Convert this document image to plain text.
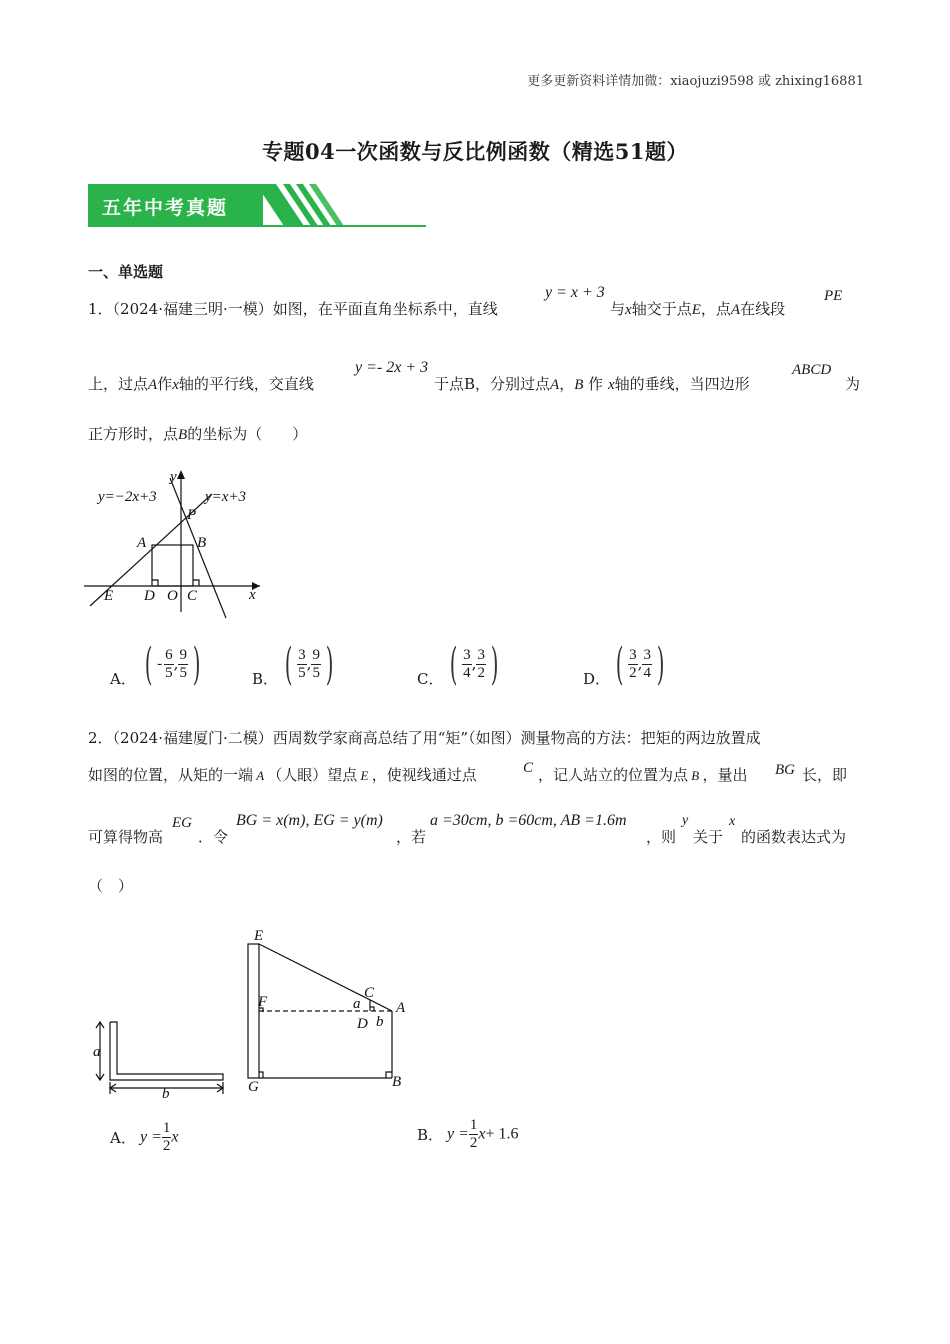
更多更新资料详情加微：xiaojuzi9598 或 zhixing16881
专题04一次函数与反比例函数（精选51题）
五年中考真题
一、单选题
1．（2024·福建三明·一模）如图，在平面直角坐标系中，直线
y = x + 3
与x轴交于点E，点A在线段
PE
上，过点A作x轴的平行线，交直线
y =- 2x + 3
于点B，分别过点A，B 作 x轴的垂线，当四边形
ABCD
为
正方形时，点B的坐标为（　　）
y
x
y=−2x+3	y=x+3
P
A	B
E D O C
A． ( - $\frac{6}{5}$ , $\frac{9}{5}$ )	B． ( $\frac{3}{5}$ , $\frac{9}{5}$ )	C． ( $\frac{3}{4}$ , $\frac{3}{2}$ )	D． ( $\frac{3}{2}$ , $\frac{3}{4}$ )
2．（2024·福建厦门·二模）西周数学家商高总结了用“矩”（如图）测量物高的方法：把矩的两边放置成
如图的位置，从矩的一端 A （人眼）望点 E ，使视线通过点	C ，记人站立的位置为点 B ，量出 BG 长，即
可算得物高
EG
．令
BG = x(m), EG = y(m)
，若
a =30cm, b =60cm, AB =1.6m
，则
y
关于
x
的函数表达式为
（　）
a
b
E
F
C
a A
D b
G	B
A． $y = \frac{1}{2}$ x	B． $y = \frac{1}{2} x+ 1.6$
